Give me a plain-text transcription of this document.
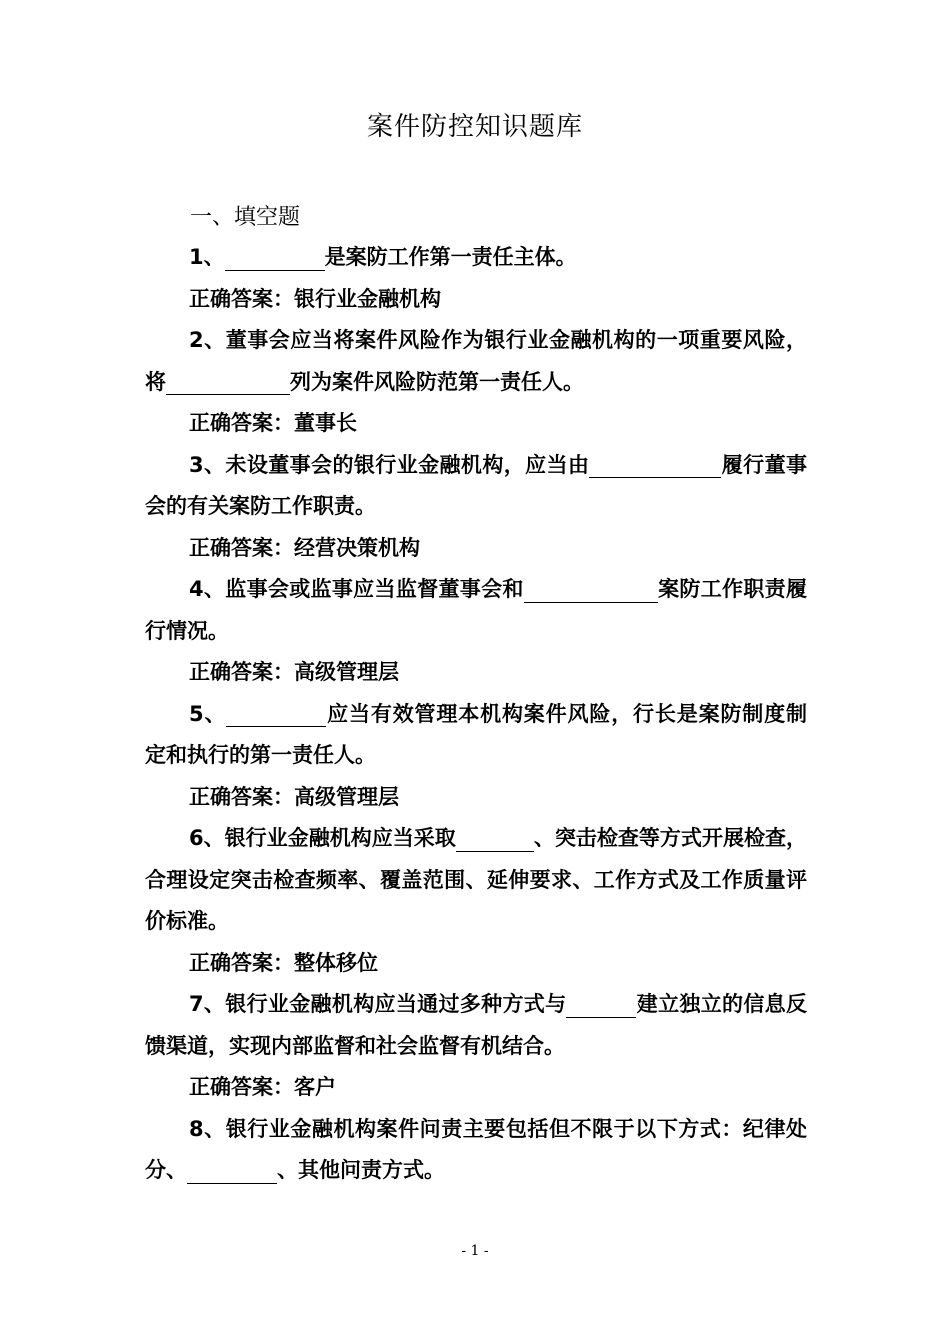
案件防控知识题库
一、填空题

1、	是案防工作第一责任主体。

正确答案：银行业金融机构

2、董事会应当将案件风险作为银行业金融机构的一项重要风险，将	列为案件风险防范第一责任人。

正确答案：董事长

3、未设董事会的银行业金融机构，应当由	履行董事会的有关案防工作职责。

正确答案：经营决策机构

4、监事会或监事应当监督董事会和	案防工作职责履行情况。

正确答案：高级管理层

5、	应当有效管理本机构案件风险，行长是案防制度制定和执行的第一责任人。

正确答案：高级管理层

6、银行业金融机构应当采取	、突击检查等方式开展检查，合理设定突击检查频率、覆盖范围、延伸要求、工作方式及工作质量评价标准。

正确答案：整体移位

7、银行业金融机构应当通过多种方式与	建立独立的信息反馈渠道，实现内部监督和社会监督有机结合。

正确答案：客户

8、银行业金融机构案件问责主要包括但不限于以下方式：纪律处分、	、其他问责方式。

- 1 -
